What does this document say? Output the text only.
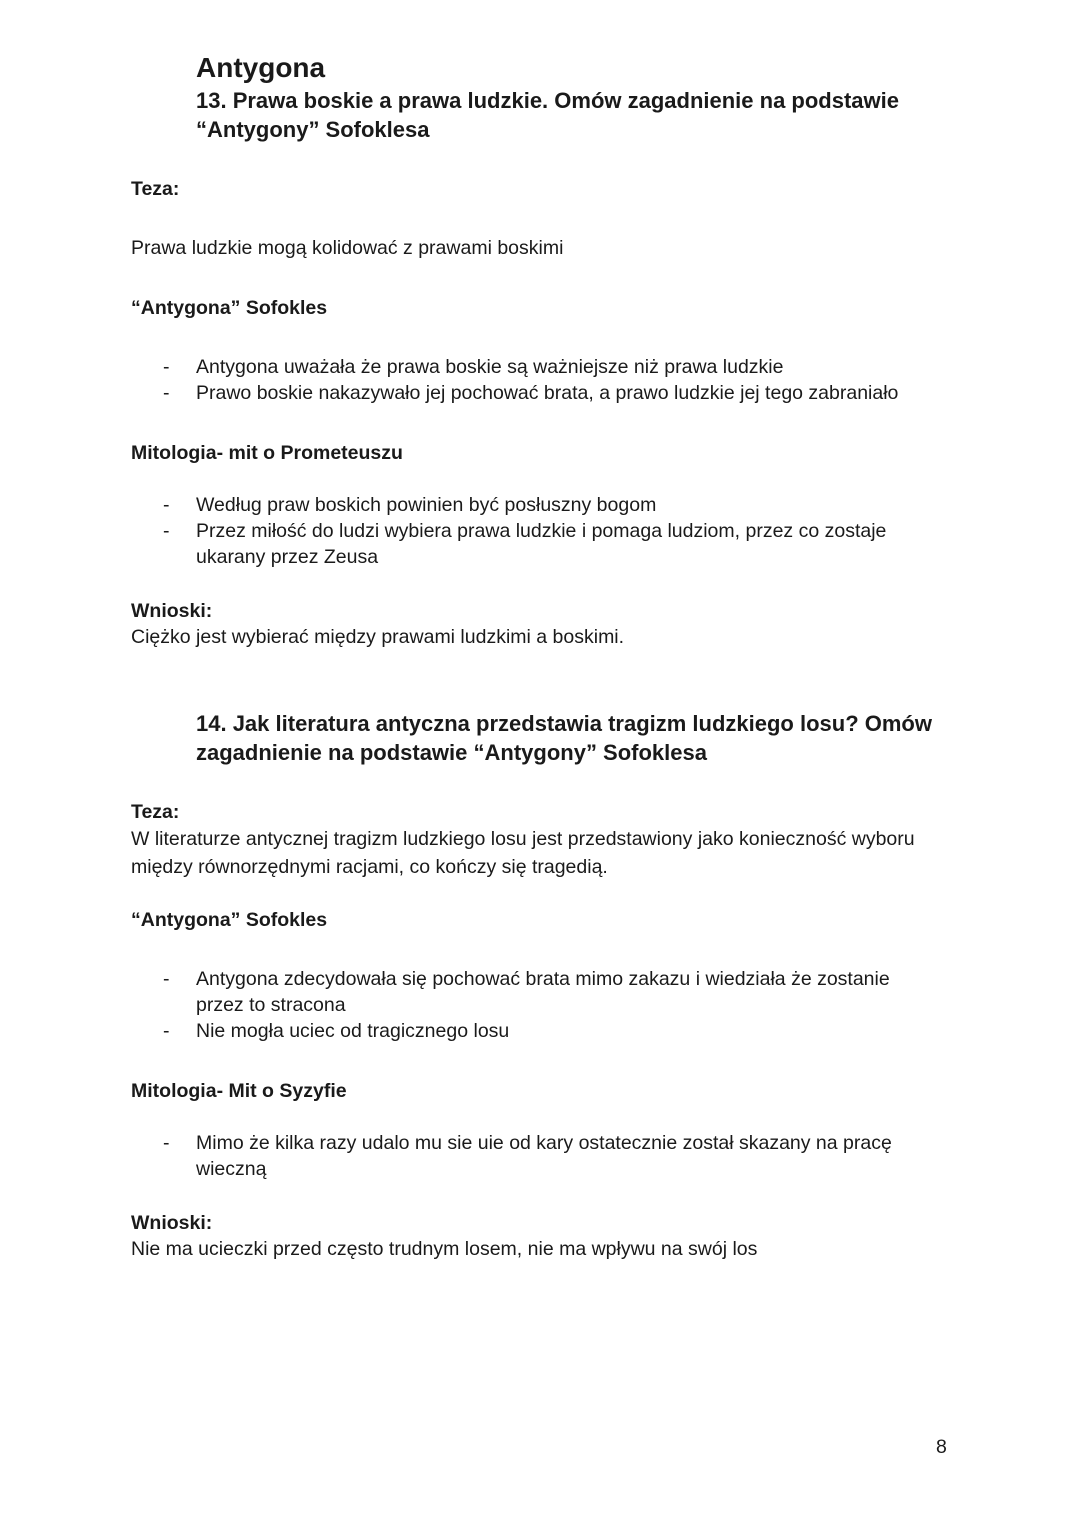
Antygona
13. Prawa boskie a prawa ludzkie. Omów zagadnienie na podstawie “Antygony” Sofoklesa
Teza:

Prawa ludzkie mogą kolidować z prawami boskimi

“Antygona” Sofokles
- Antygona uważała że prawa boskie są ważniejsze niż prawa ludzkie
- Prawo boskie nakazywało jej pochować brata, a prawo ludzkie jej tego zabraniało
Mitologia- mit o Prometeuszu
- Według praw boskich powinien być posłuszny bogom
- Przez miłość do ludzi wybiera prawa ludzkie i pomaga ludziom, przez co zostaje ukarany przez Zeusa
Wnioski:

Ciężko jest wybierać między prawami ludzkimi a boskimi.

14. Jak literatura antyczna przedstawia tragizm ludzkiego losu? Omów zagadnienie na podstawie “Antygony” Sofoklesa
Teza:

W literaturze antycznej tragizm ludzkiego losu jest przedstawiony jako konieczność wyboru między równorzędnymi racjami, co kończy się tragedią.

“Antygona” Sofokles
- Antygona zdecydowała się pochować brata mimo zakazu i wiedziała że zostanie przez to stracona
- Nie mogła uciec od tragicznego losu
Mitologia- Mit o Syzyfie
- Mimo że kilka razy udalo mu sie uie od kary ostatecznie został skazany na pracę wieczną
Wnioski:

Nie ma ucieczki przed często trudnym losem, nie ma wpływu na swój los

8
